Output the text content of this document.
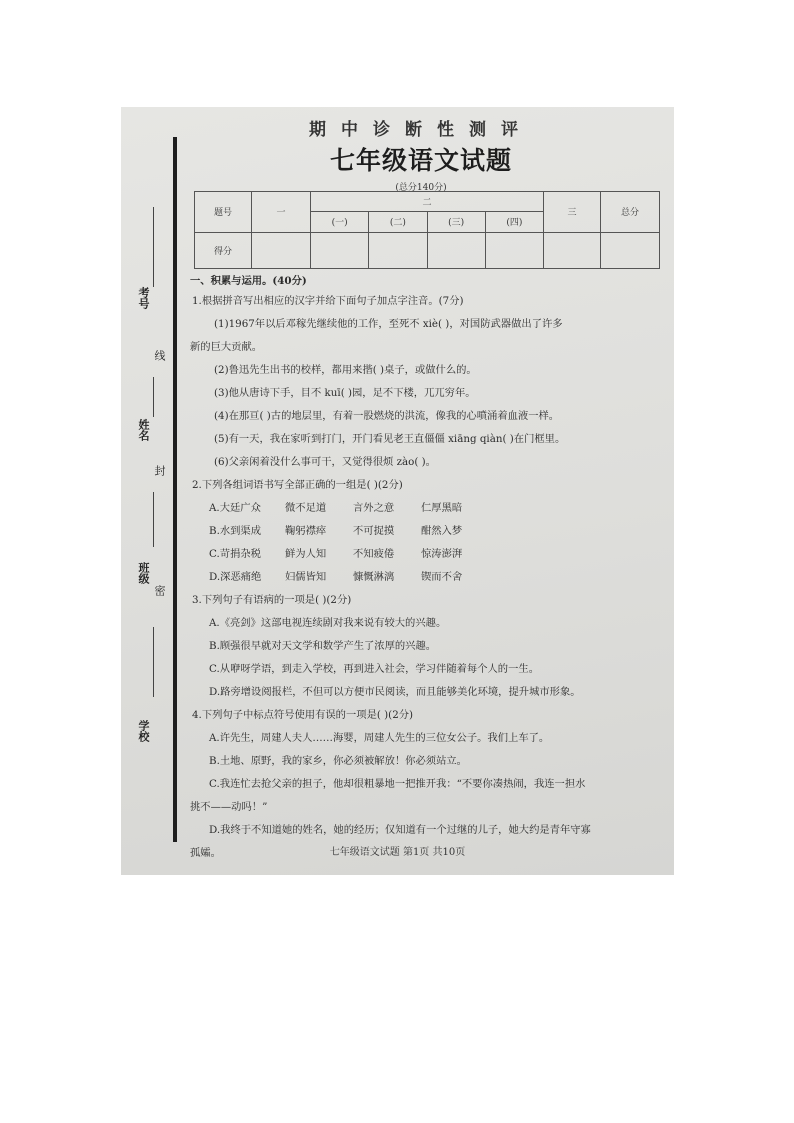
考号
线
姓名
封
班级
密
学校
期中诊断性测评
七年级语文试题
(总分140分)
题号	一	二				三	总分
		(一)	(二)	(三)	(四)		
得分							
一、积累与运用。(40分)
1.根据拼音写出相应的汉字并给下面句子加点字注音。(7分)
(1)1967年以后邓稼先继续他的工作，至死不 xiè( )，对国防武器做出了许多
新的巨大贡献。
(2)鲁迅先生出书的校样，都用来揩( )桌子，或做什么的。
(3)他从唐诗下手，目不 kuī( )园，足不下楼，兀兀穷年。
(4)在那亘( )古的地层里，有着一股燃烧的洪流，像我的心噴涌着血液一样。
(5)有一天，我在家听到打门，开门看见老王直僵僵 xiāng qiàn( )在门框里。
(6)父亲闲着没什么事可干，又觉得很烦 zào( )。
2.下列各组词语书写全部正确的一组是( )(2分)
A.大廷广众 微不足道	言外之意	仁厚黑暗
B.水到渠成 鞠躬襟瘁	不可捉摸	酣然入梦
C.苛捐杂税 鲜为人知	不知疲倦	惊涛澎湃
D.深恶痛绝 妇儒皆知	慷慨淋漓	锲而不舍
3.下列句子有语病的一项是( )(2分)
A.《亮剑》这部电视连续剧对我来说有较大的兴趣。
B.顾强很早就对天文学和数学产生了浓厚的兴趣。
C.从咿呀学语，到走入学校，再到进入社会，学习伴随着每个人的一生。
D.路旁增设阅报栏，不但可以方便市民阅读，而且能够美化环境，提升城市形象。
4.下列句子中标点符号使用有误的一项是( )(2分)
A.许先生，周建人夫人……海婴，周建人先生的三位女公子。我们上车了。
B.土地、原野，我的家乡，你必须被解放！你必须站立。
C.我连忙去抢父亲的担子，他却很粗暴地一把推开我：“不要你凑热闹，我连一担水
挑不——动吗！”
D.我终于不知道她的姓名，她的经历；仅知道有一个过继的儿子，她大约是青年守寡
孤孀。	七年级语文试题 第1页 共10页
